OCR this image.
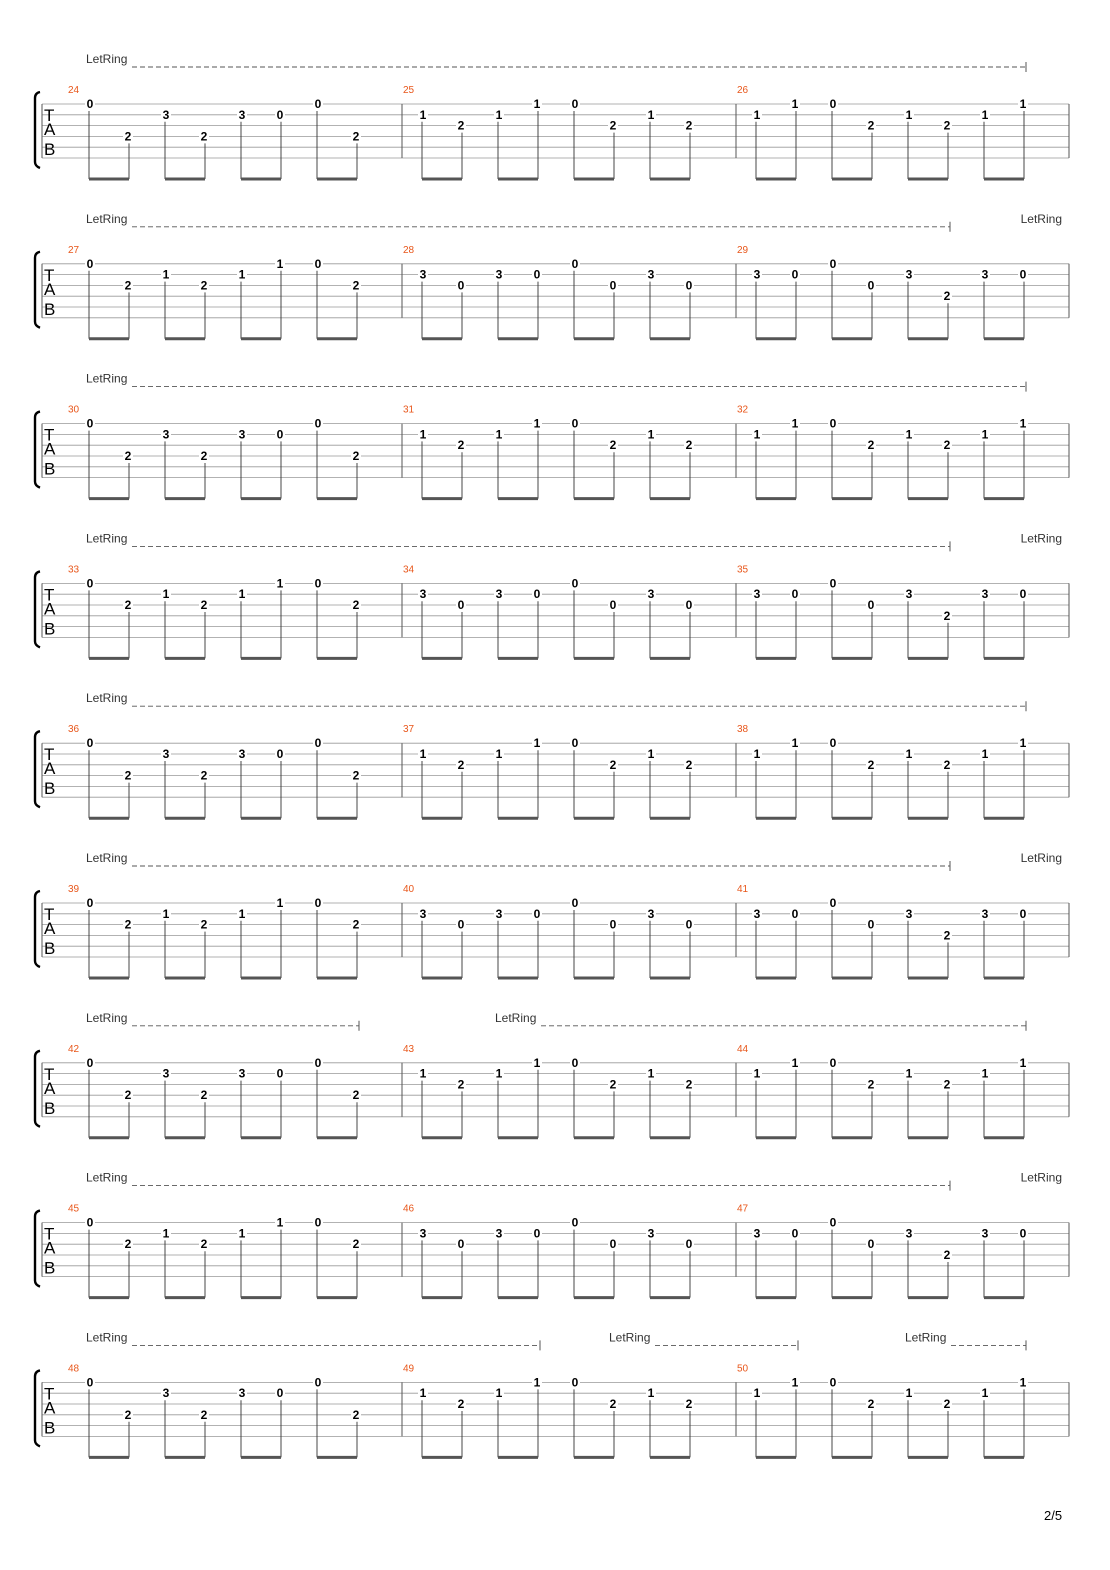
T
A
B
24
0
2
3
2
3	0
0
2
25
1
2
1
1	0
2
1
2
26
1
1	0
2
1
2
1
1
LetRing
T
A
B
27
0
2
1
2
1
1	0
2
28
3
0
3	0
0
0
3
0
29
3	0
0
0
3
2
3	0
LetRing	LetRing
T
A
B
30
0
2
3
2
3	0
0
2
31
1
2
1
1	0
2
1
2
32
1
1	0
2
1
2
1
1
LetRing
T
A
B
33
0
2
1
2
1
1	0
2
34
3
0
3	0
0
0
3
0
35
3	0
0
0
3
2
3	0
LetRing	LetRing
T
A
B
36
0
2
3
2
3	0
0
2
37
1
2
1
1	0
2
1
2
38
1
1	0
2
1
2
1
1
LetRing
T
A
B
39
0
2
1
2
1
1	0
2
40
3
0
3	0
0
0
3
0
41
3	0
0
0
3
2
3	0
LetRing	LetRing
T
A
B
42
0
2
3
2
3	0
0
2
43
1
2
1
1	0
2
1
2
44
1
1	0
2
1
2
1
1
LetRing	LetRing
T
A
B
45
0
2
1
2
1
1	0
2
46
3
0
3	0
0
0
3
0
47
3	0
0
0
3
2
3	0
LetRing	LetRing
T
A
B
48
0
2
3
2
3	0
0
2
49
1
2
1
1	0
2
1
2
50
1
1	0
2
1
2
1
1
LetRing	LetRing	LetRing
2/5
